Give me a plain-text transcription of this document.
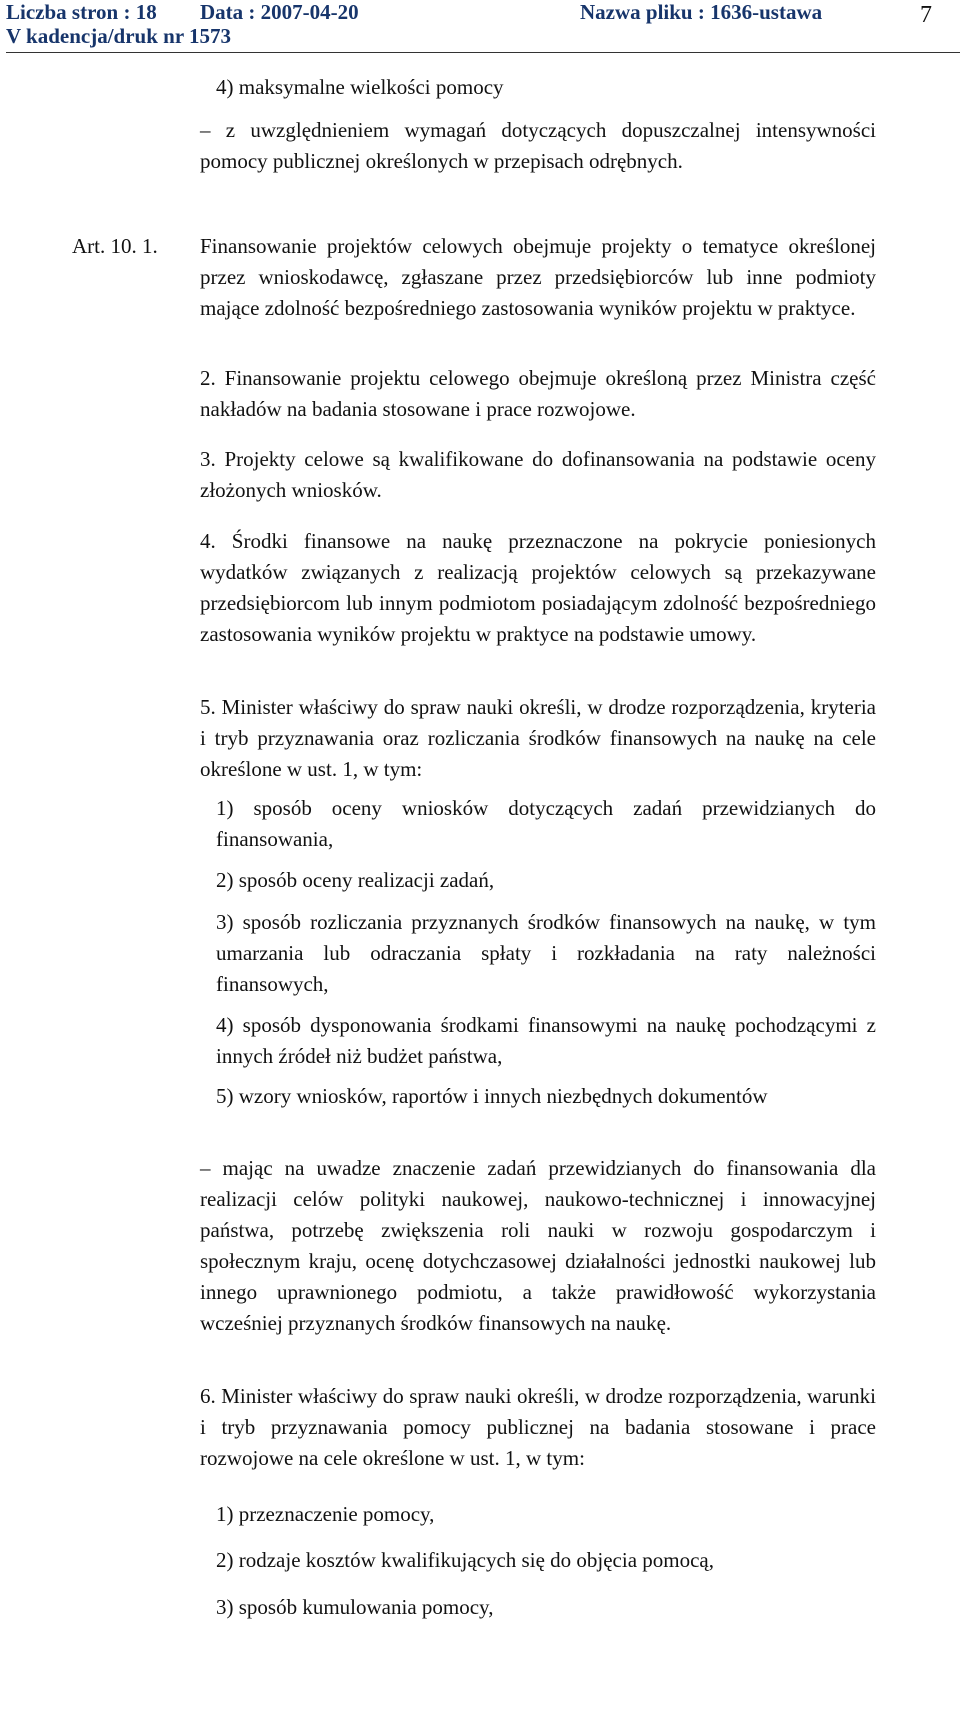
Liczba stron : 18 Data : 2007-04-20	Nazwa pliku : 1636-ustawa
V kadencja/druk nr 1573
7
4) maksymalne wielkości pomocy
– z uwzględnieniem wymagań dotyczących dopuszczalnej intensywności pomocy publicznej określonych w przepisach odrębnych.
Art. 10. 1. Finansowanie projektów celowych obejmuje projekty o tematyce określonej przez wnioskodawcę, zgłaszane przez przedsiębiorców lub inne podmioty mające zdolność bezpośredniego zastosowania wyników projektu w praktyce.
2. Finansowanie projektu celowego obejmuje określoną przez Ministra część nakładów na badania stosowane i prace rozwojowe.
3. Projekty celowe są kwalifikowane do dofinansowania na podstawie oceny złożonych wniosków.
4. Środki finansowe na naukę przeznaczone na pokrycie poniesionych wydatków związanych z realizacją projektów celowych są przekazywane przedsiębiorcom lub innym podmiotom posiadającym zdolność bezpośredniego zastosowania wyników projektu w praktyce na podstawie umowy.
5. Minister właściwy do spraw nauki określi, w drodze rozporządzenia, kryteria i tryb przyznawania oraz rozliczania środków finansowych na naukę na cele określone w ust. 1, w tym:
1) sposób oceny wniosków dotyczących zadań przewidzianych do finansowania,
2) sposób oceny realizacji zadań,
3) sposób rozliczania przyznanych środków finansowych na naukę, w tym umarzania lub odraczania spłaty i rozkładania na raty należności finansowych,
4) sposób dysponowania środkami finansowymi na naukę pochodzącymi z innych źródeł niż budżet państwa,
5) wzory wniosków, raportów i innych niezbędnych dokumentów
– mając na uwadze znaczenie zadań przewidzianych do finansowania dla realizacji celów polityki naukowej, naukowo-technicznej i innowacyjnej państwa, potrzebę zwiększenia roli nauki w rozwoju gospodarczym i społecznym kraju, ocenę dotychczasowej działalności jednostki naukowej lub innego uprawnionego podmiotu, a także prawidłowość wykorzystania wcześniej przyznanych środków finansowych na naukę.
6. Minister właściwy do spraw nauki określi, w drodze rozporządzenia, warunki i tryb przyznawania pomocy publicznej na badania stosowane i prace rozwojowe na cele określone w ust. 1, w tym:
1) przeznaczenie pomocy,
2) rodzaje kosztów kwalifikujących się do objęcia pomocą,
3) sposób kumulowania pomocy,
